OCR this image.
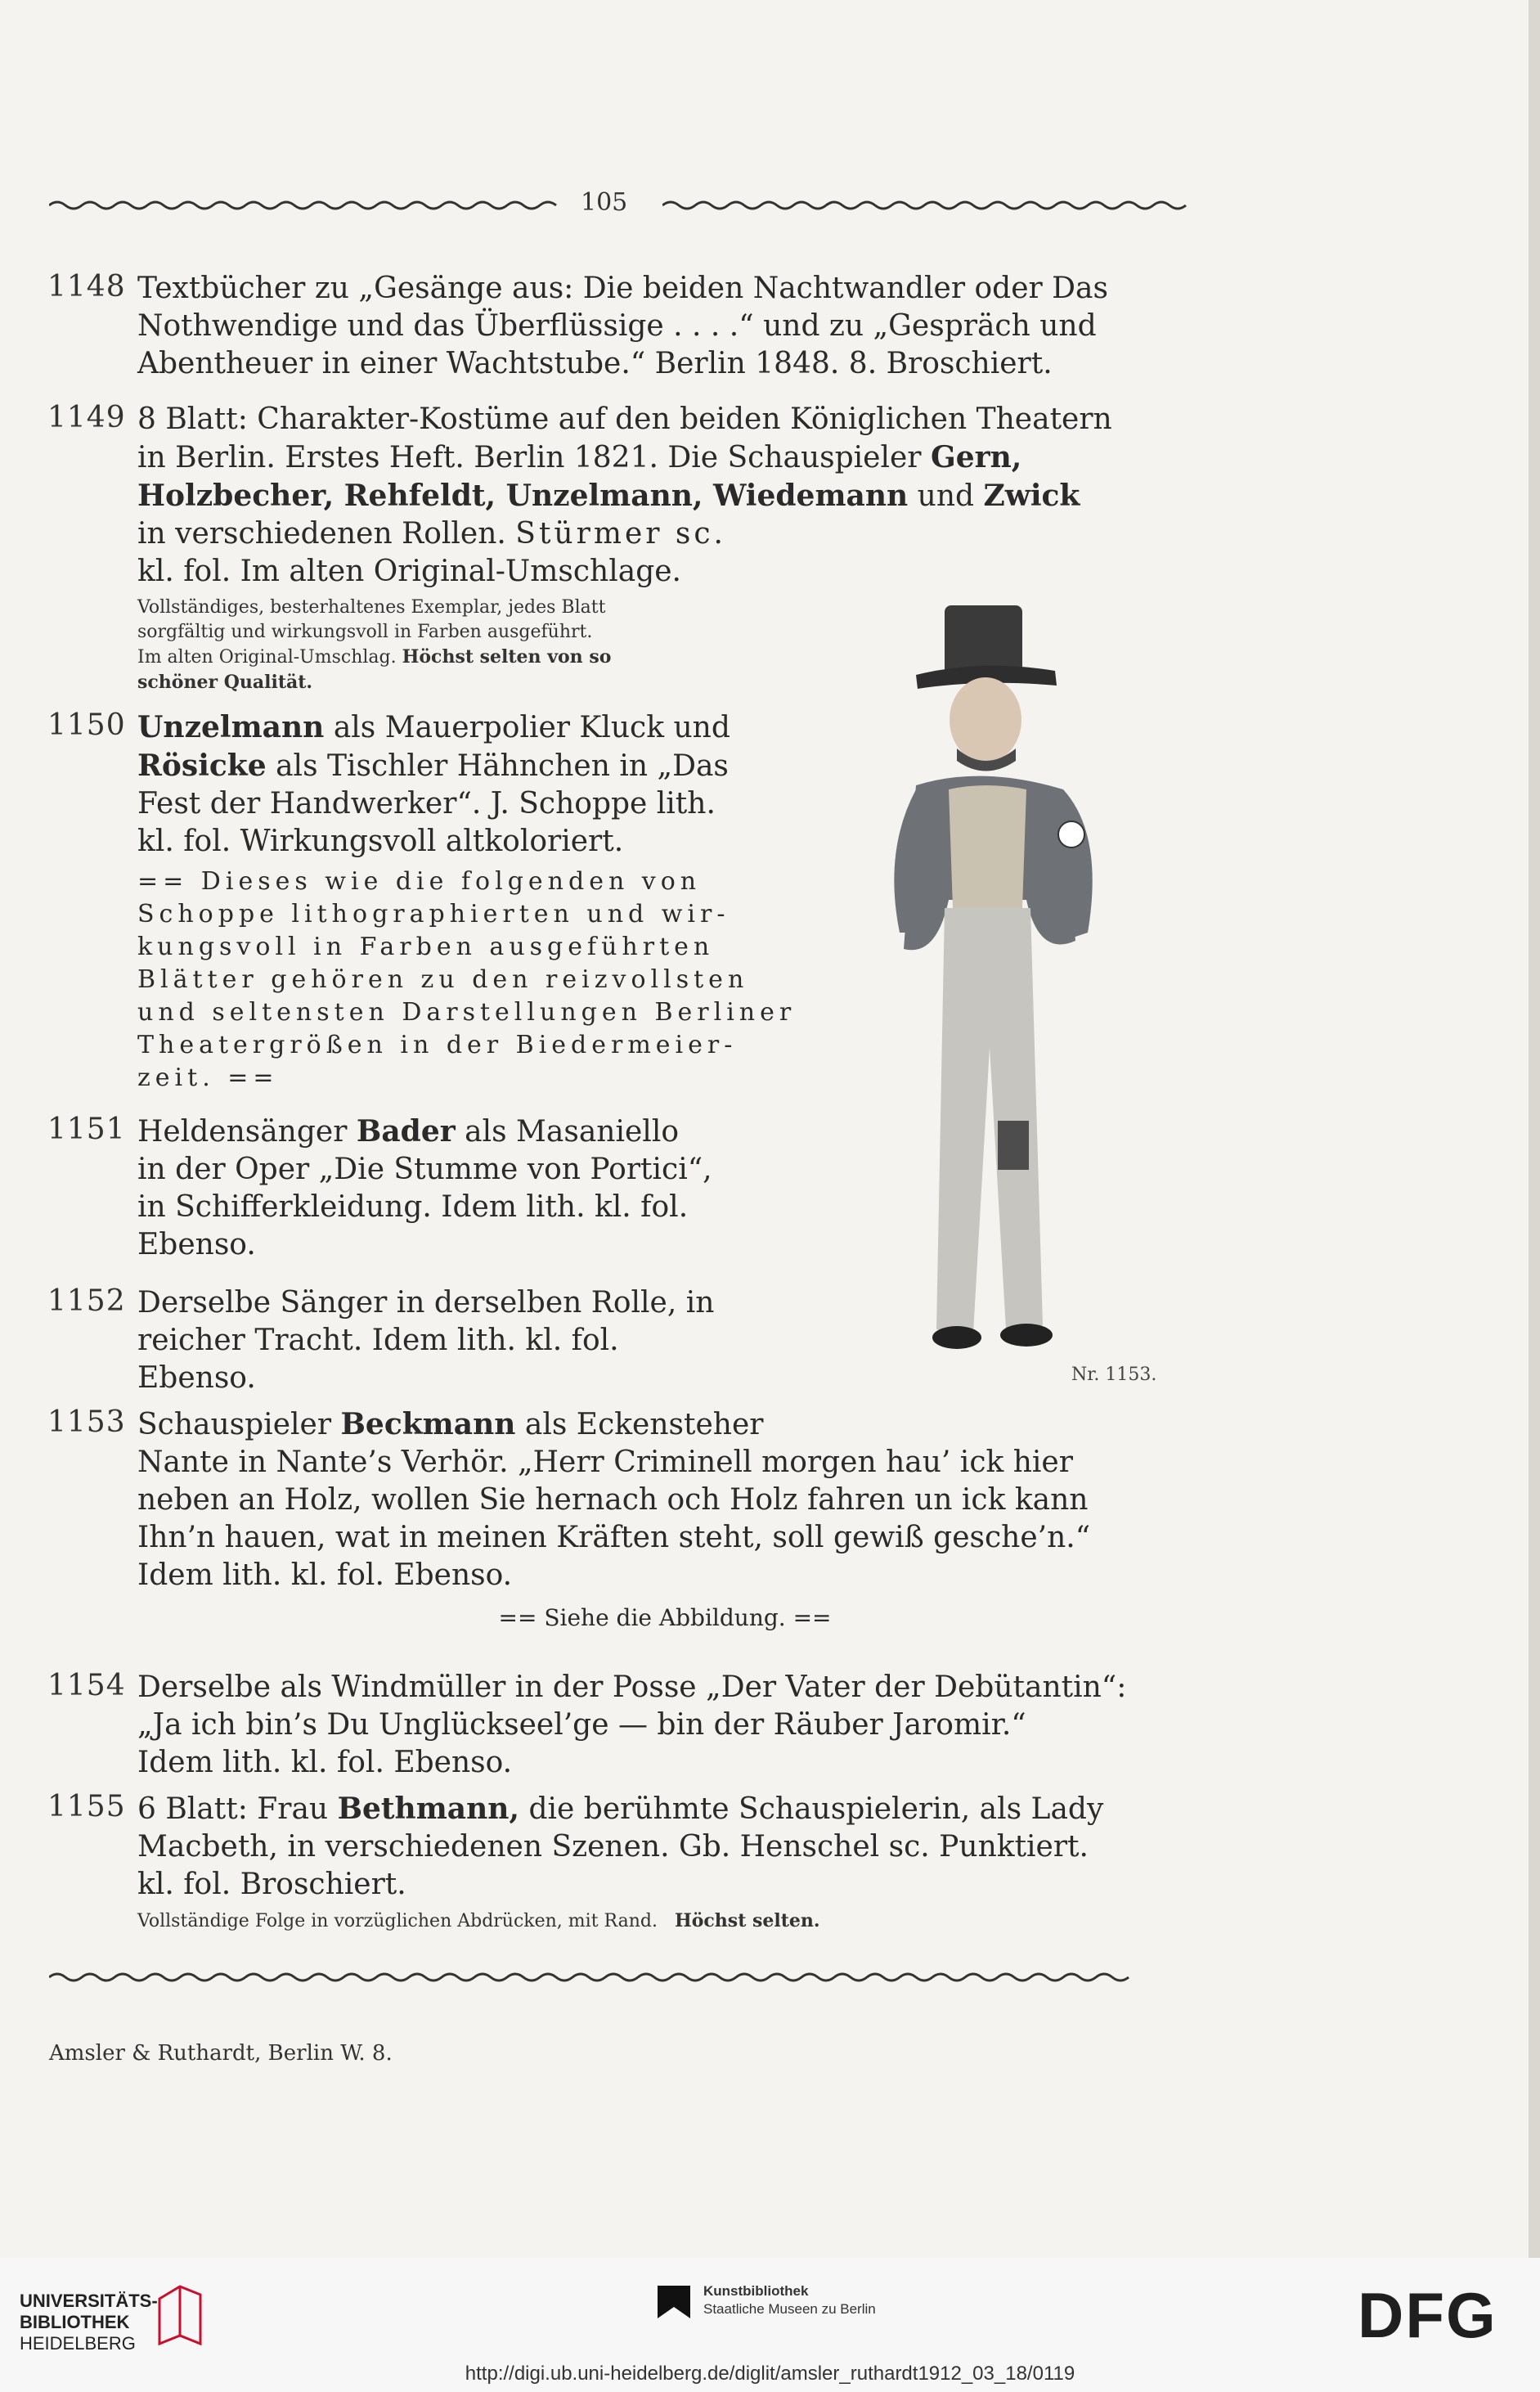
105
1148 Textbücher zu „Gesänge aus: Die beiden Nachtwandler oder Das

Nothwendige und das Überflüssige . . . .“ und zu „Gespräch und

Abentheuer in einer Wachtstube.“ Berlin 1848. 8. Broschiert.

1149 8 Blatt: Charakter-Kostüme auf den beiden Königlichen Theatern

in Berlin. Erstes Heft. Berlin 1821. Die Schauspieler Gern,

Holzbecher, Rehfeldt, Unzelmann, Wiedemann und Zwick

in verschiedenen Rollen. Stürmer sc.

kl. fol. Im alten Original-Umschlage.

Vollständiges, besterhaltenes Exemplar, jedes Blatt
sorgfältig und wirkungsvoll in Farben ausgeführt.
Im alten Original-Umschlag. Höchst selten von so
schöner Qualität.
1150 Unzelmann als Mauerpolier Kluck und

Rösicke als Tischler Hähnchen in „Das

Fest der Handwerker“. J. Schoppe lith.

kl. fol. Wirkungsvoll altkoloriert.

== Dieses wie die folgenden von
Schoppe lithographierten und wir-
kungsvoll in Farben ausgeführten
Blätter gehören zu den reizvollsten
und seltensten Darstellungen Berliner
Theatergrößen in der Biedermeier-
zeit. ==
1151 Heldensänger Bader als Masaniello

in der Oper „Die Stumme von Portici“,

in Schifferkleidung. Idem lith. kl. fol.

Ebenso.

1152 Derselbe Sänger in derselben Rolle, in

reicher Tracht. Idem lith. kl. fol.

Ebenso.

1153 Schauspieler Beckmann als Eckensteher

Nante in Nante’s Verhör. „Herr Criminell morgen hau’ ick hier

neben an Holz, wollen Sie hernach och Holz fahren un ick kann

Ihn’n hauen, wat in meinen Kräften steht, soll gewiß gesche’n.“

Idem lith. kl. fol. Ebenso.

== Siehe die Abbildung. ==

1154 Derselbe als Windmüller in der Posse „Der Vater der Debütantin“:

„Ja ich bin’s Du Unglückseel’ge — bin der Räuber Jaromir.“

Idem lith. kl. fol. Ebenso.

1155 6 Blatt: Frau Bethmann, die berühmte Schauspielerin, als Lady

Macbeth, in verschiedenen Szenen. Gb. Henschel sc. Punktiert.

kl. fol. Broschiert.

Vollständige Folge in vorzüglichen Abdrücken, mit Rand. Höchst selten.

Nr. 1153.
Amsler & Ruthardt, Berlin W. 8.
UNIVERSITÄTS-
BIBLIOTHEK
HEIDELBERG
Kunstbibliothek
Staatliche Museen zu Berlin	DFG
http://digi.ub.uni-heidelberg.de/diglit/amsler_ruthardt1912_03_18/0119
